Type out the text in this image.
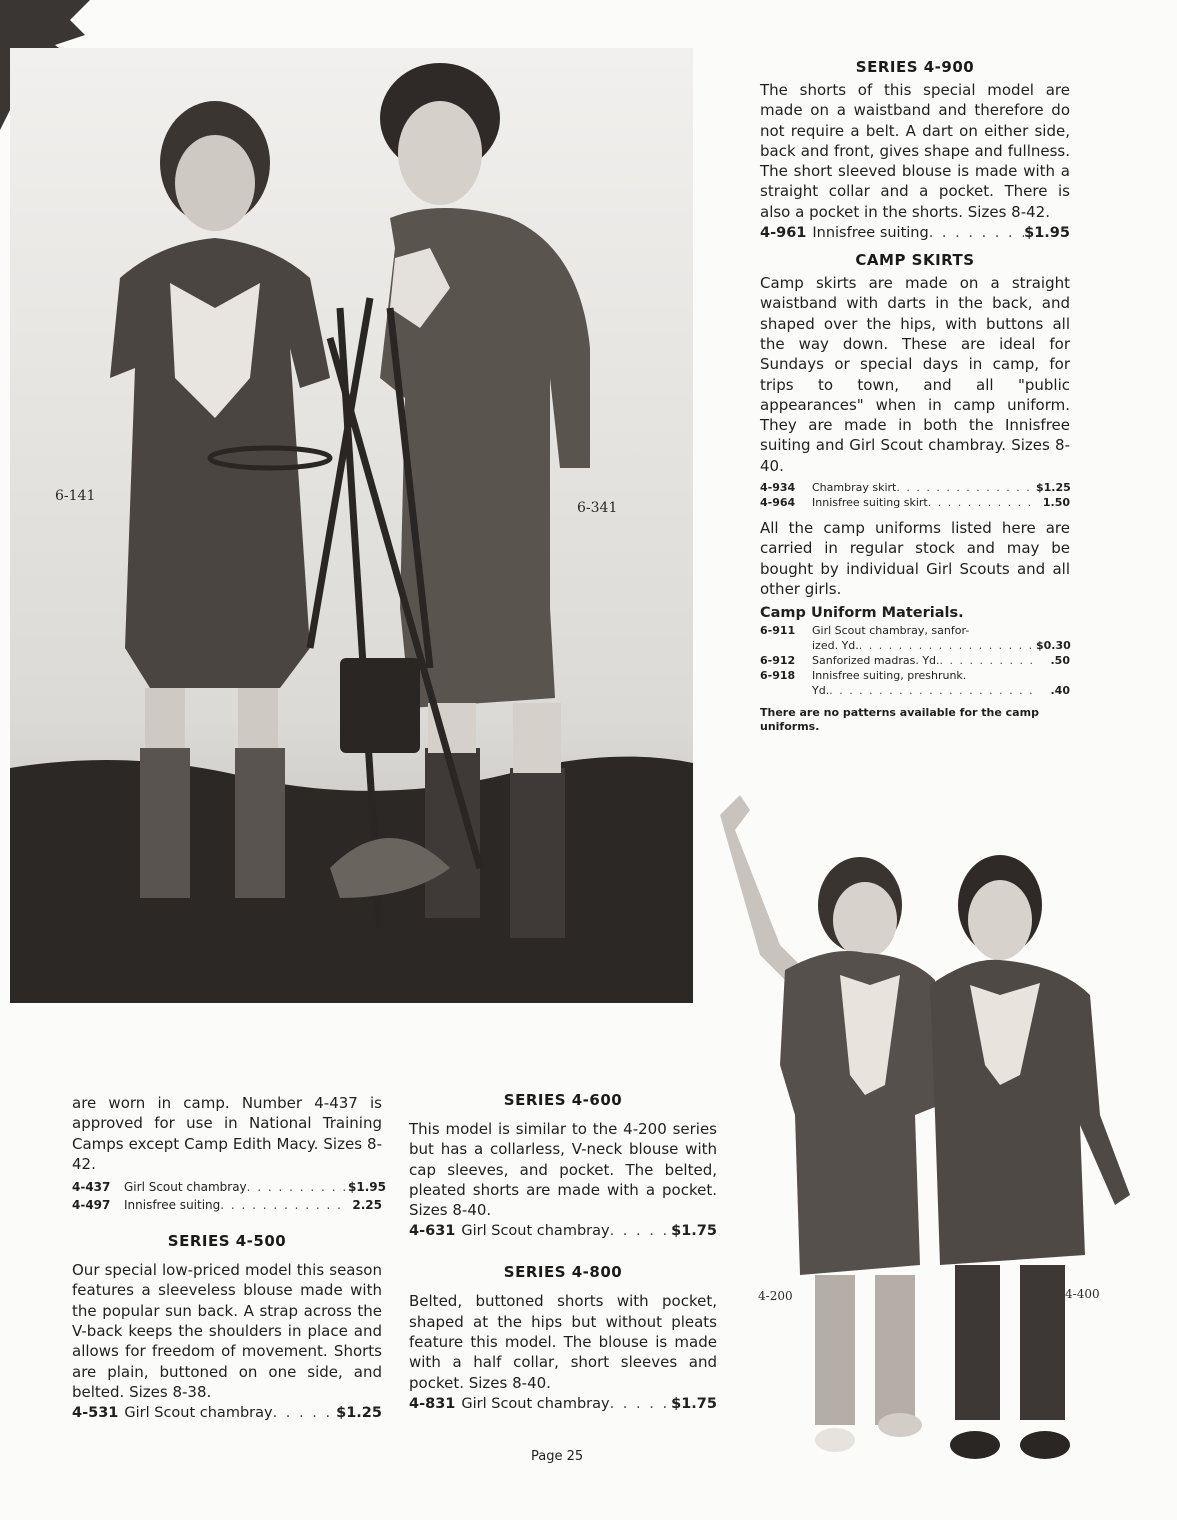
6-141
6-341
SERIES 4-900

The shorts of this special model are made on a waistband and therefore do not require a belt. A dart on either side, back and front, gives shape and fullness. The short sleeved blouse is made with a straight collar and a pocket. There is also a pocket in the shorts. Sizes 8-42.

4-961 Innisfree suiting . . .	$1.95
CAMP SKIRTS

Camp skirts are made on a straight waistband with darts in the back, and shaped over the hips, with buttons all the way down. These are ideal for Sundays or special days in camp, for trips to town, and all "public appearances" when in camp uniform. They are made in both the Innisfree suiting and Girl Scout chambray. Sizes 8-40.

4-934	Chambray skirt . . .	$1.25
4-964	Innisfree suiting skirt . . .	1.50

All the camp uniforms listed here are carried in regular stock and may be bought by individual Girl Scouts and all other girls.

Camp Uniform Materials.
6-911	Girl Scout chambray, sanfor-
ized. Yd. . . .	$0.30
6-912	Sanforized madras. Yd. . . .	.50
6-918	Innisfree suiting, preshrunk.
Yd. . . .	.40
There are no patterns available for the camp uniforms.
4-200	4-400

are worn in camp. Number 4-437 is approved for use in National Training Camps except Camp Edith Macy. Sizes 8-42.

4-437	Girl Scout chambray . . .	$1.95
4-497	Innisfree suiting . . .	2.25
SERIES 4-500

Our special low-priced model this season features a sleeveless blouse made with the popular sun back. A strap across the V-back keeps the shoulders in place and allows for freedom of movement. Shorts are plain, buttoned on one side, and belted. Sizes 8-38.

4-531 Girl Scout chambray . . .	$1.25
SERIES 4-600

This model is similar to the 4-200 series but has a collarless, V-neck blouse with cap sleeves, and pocket. The belted, pleated shorts are made with a pocket. Sizes 8-40.

4-631 Girl Scout chambray . . .	$1.75
SERIES 4-800

Belted, buttoned shorts with pocket, shaped at the hips but without pleats feature this model. The blouse is made with a half collar, short sleeves and pocket. Sizes 8-40.

4-831 Girl Scout chambray . . .	$1.75
Page 25
